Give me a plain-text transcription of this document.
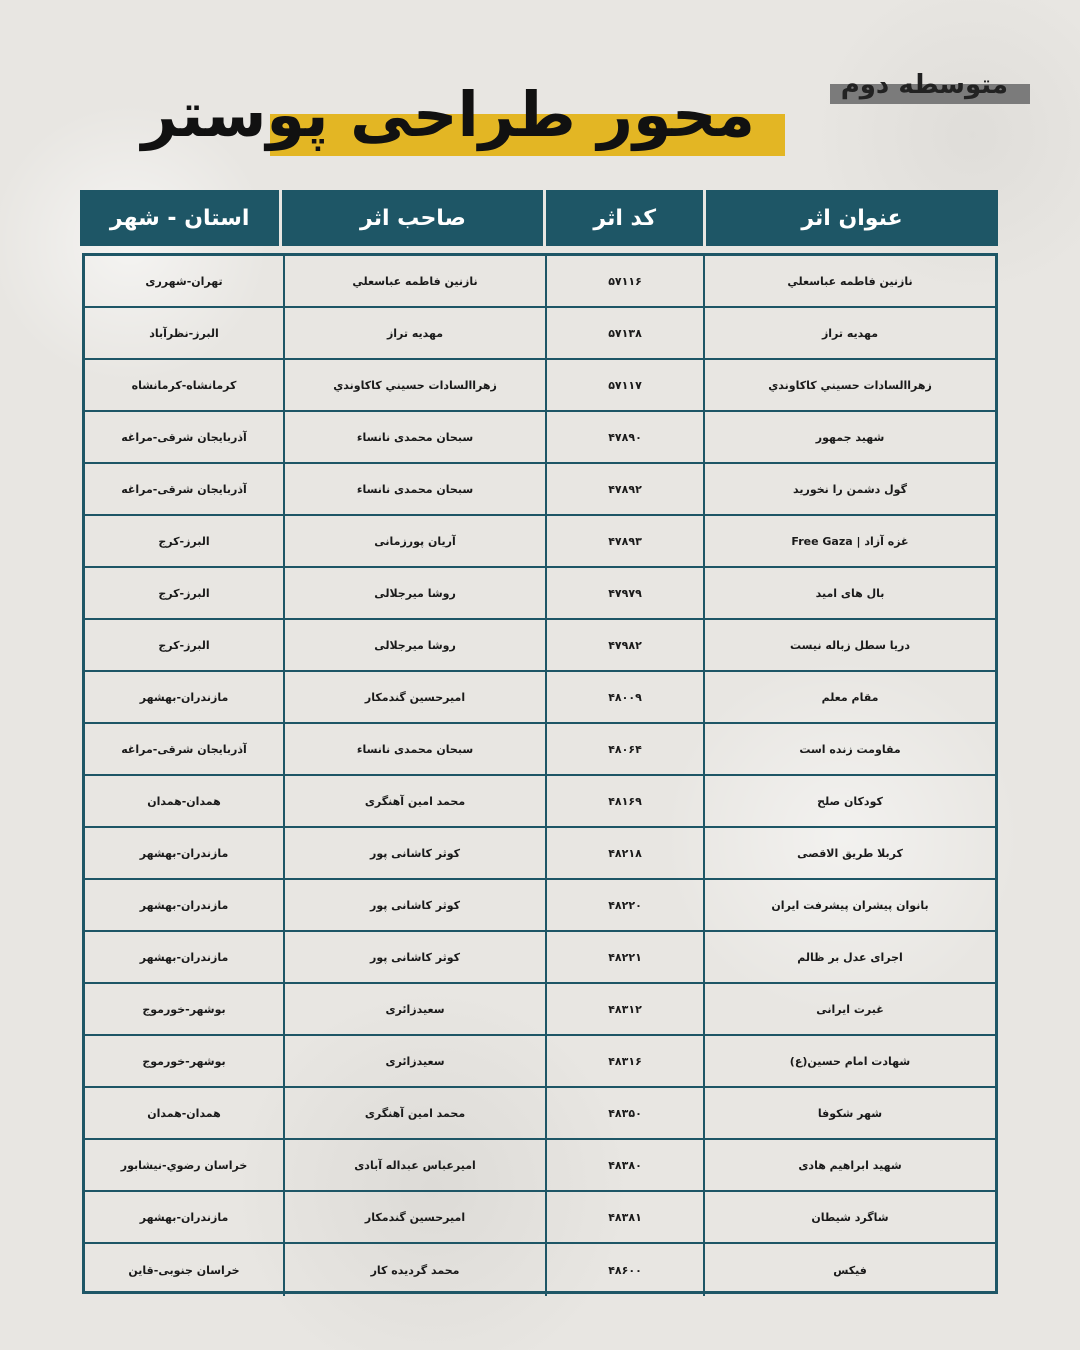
متوسطه دوم
محور طراحی پوستر
استان - شهر	صاحب اثر	کد اثر	عنوان اثر
تهران-شهرری	نازنین فاطمه عباسعلي	۵۷۱۱۶	نازنین فاطمه عباسعلي
البرز-نظرآباد	مهدیه تراز	۵۷۱۳۸	مهدیه تراز
کرمانشاه-کرمانشاه	زهراالسادات حسیني کاکاوندي	۵۷۱۱۷	زهراالسادات حسیني کاکاوندي
آذربایجان شرقی-مراغه	سبحان محمدی نانساء	۴۷۸۹۰	شهید جمهور
آذربایجان شرقی-مراغه	سبحان محمدی نانساء	۴۷۸۹۲	گول دشمن را نخورید
البرز-کرج	آریان پورزمانی	۴۷۸۹۳	غزه آزاد | Free Gaza
البرز-کرج	روشا میرجلالی	۴۷۹۷۹	بال های امید
البرز-کرج	روشا میرجلالی	۴۷۹۸۲	دریا سطل زباله نیست
مازندران-بهشهر	امیرحسین گندمکار	۴۸۰۰۹	مقام معلم
آذربایجان شرقی-مراغه	سبحان محمدی نانساء	۴۸۰۶۴	مقاومت زنده است
همدان-همدان	محمد امین آهنگری	۴۸۱۶۹	کودکان صلح
مازندران-بهشهر	کوثر کاشانی پور	۴۸۲۱۸	کربلا طریق الاقصی
مازندران-بهشهر	کوثر کاشانی پور	۴۸۲۲۰	بانوان پیشران پیشرفت ایران
مازندران-بهشهر	کوثر کاشانی پور	۴۸۲۲۱	اجرای عدل بر ظالم
بوشهر-خورموج	سعیدزائری	۴۸۳۱۲	غیرت ایرانی
بوشهر-خورموج	سعیدزائری	۴۸۳۱۶	شهادت امام حسین(ع)
همدان-همدان	محمد امین آهنگری	۴۸۳۵۰	شهر شکوفا
خراسان رضوي-نیشابور	امیرعباس عبداله آبادی	۴۸۳۸۰	شهید ابراهیم هادی
مازندران-بهشهر	امیرحسین گندمکار	۴۸۳۸۱	شاگرد شیطان
خراسان جنوبی-قاین	محمد گردیده کار	۴۸۶۰۰	فیکس
